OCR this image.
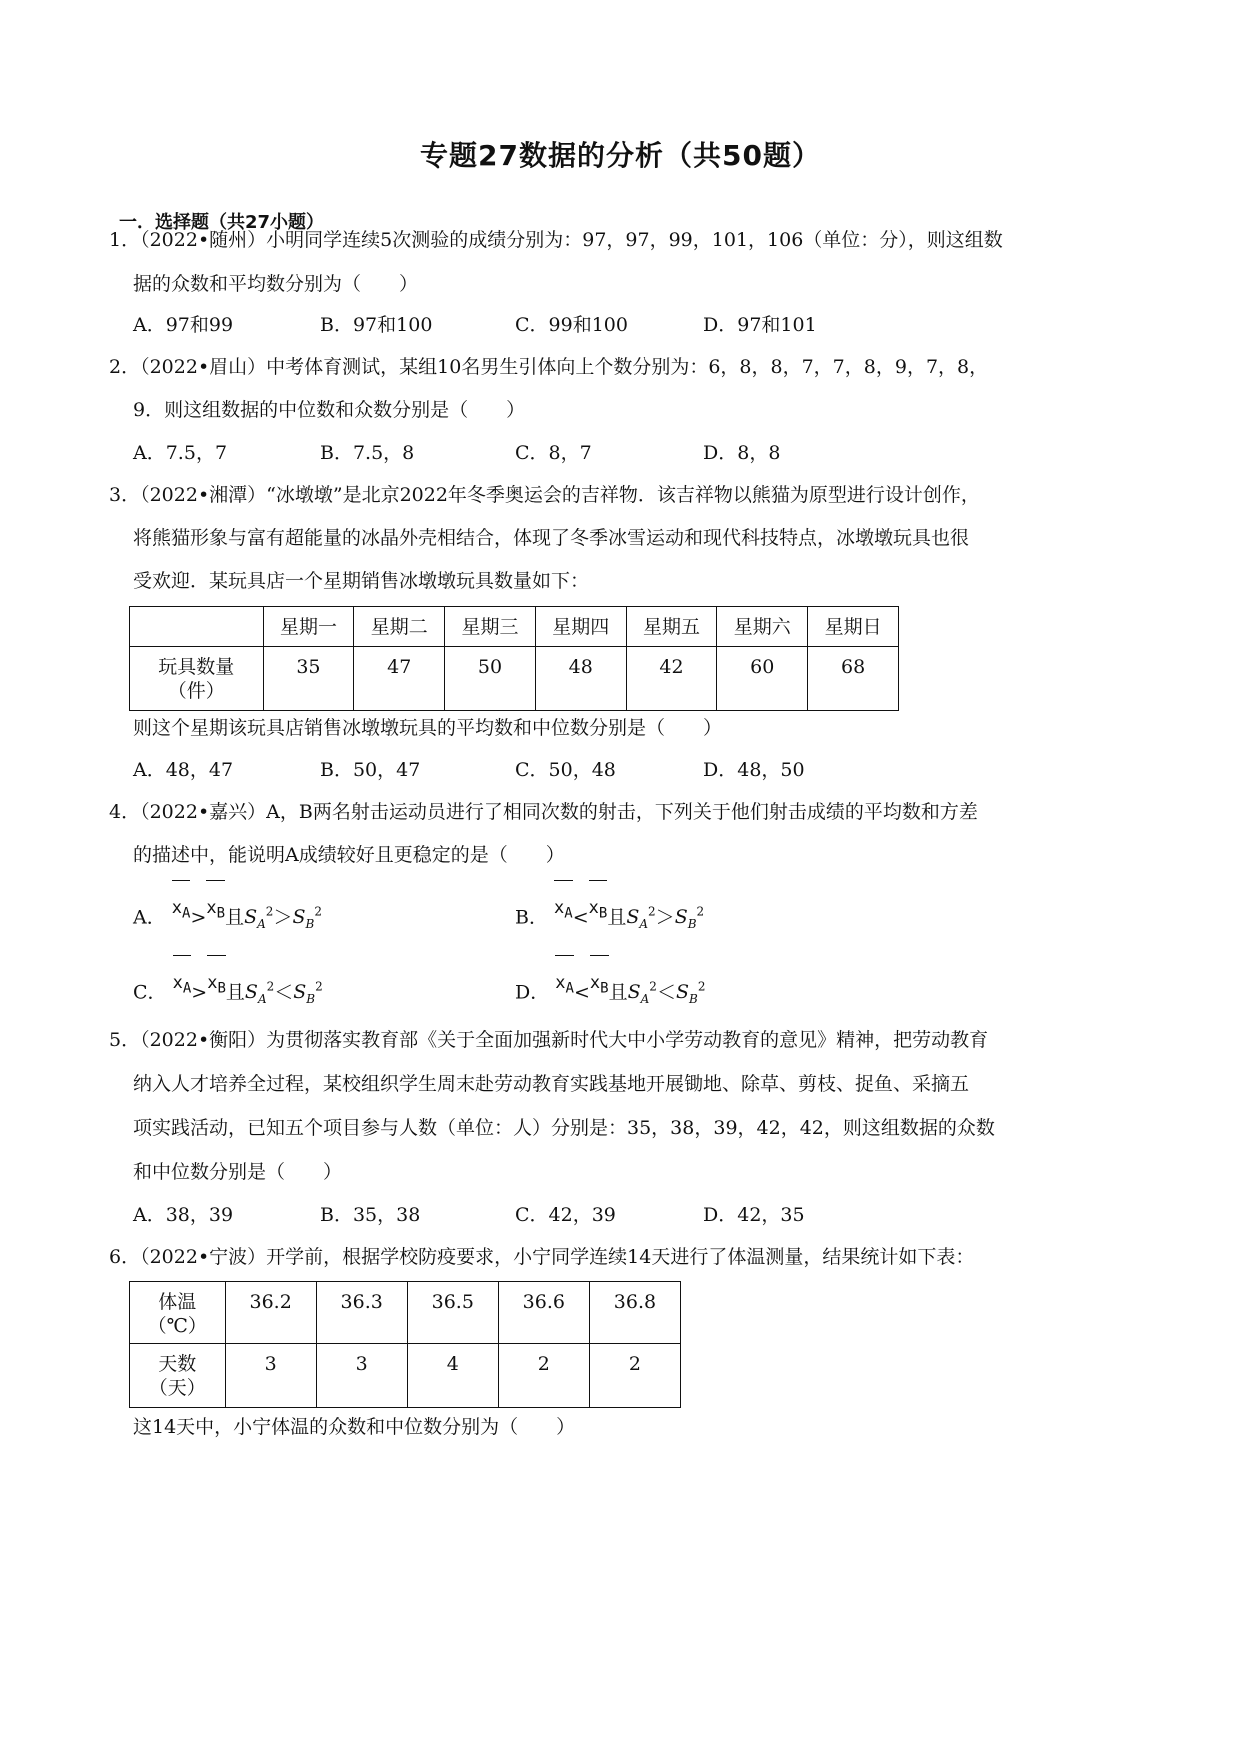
专题27数据的分析（共50题）
一．选择题（共27小题）
1．（2022•随州）小明同学连续5次测验的成绩分别为：97，97，99，101，106（单位：分），则这组数
据的众数和平均数分别为（　　）
A．97和99	B．97和100	C．99和100	D．97和101
2．（2022•眉山）中考体育测试，某组10名男生引体向上个数分别为：6，8，8，7，7，8，9，7，8，
9．则这组数据的中位数和众数分别是（　　）
A．7.5，7	B．7.5，8	C．8，7	D．8，8
3．（2022•湘潭）“冰墩墩”是北京2022年冬季奥运会的吉祥物．该吉祥物以熊猫为原型进行设计创作，
将熊猫形象与富有超能量的冰晶外壳相结合，体现了冬季冰雪运动和现代科技特点，冰墩墩玩具也很
受欢迎．某玩具店一个星期销售冰墩墩玩具数量如下：
	星期一	星期二	星期三	星期四	星期五	星期六	星期日

玩具数量
（件）	35	47	50	48	42	60	68
则这个星期该玩具店销售冰墩墩玩具的平均数和中位数分别是（　　）
A．48，47	B．50，47	C．50，48	D．48，50
4．（2022•嘉兴）A，B两名射击运动员进行了相同次数的射击，下列关于他们射击成绩的平均数和方差
的描述中，能说明A成绩较好且更稳定的是（　　）
A． $x_A>$
$x_B$且$S_A^2>S_B^2$	B． $x_A<$
$x_B$且$S_A^2>S_B^2$
C． $x_A>$
$x_B$且$S_A^2<S_B^2$	D． $x_A<$
$x_B$且$S_A^2<S_B^2$
5．（2022•衡阳）为贯彻落实教育部《关于全面加强新时代大中小学劳动教育的意见》精神，把劳动教育
纳入人才培养全过程，某校组织学生周末赴劳动教育实践基地开展锄地、除草、剪枝、捉鱼、采摘五
项实践活动，已知五个项目参与人数（单位：人）分别是：35，38，39，42，42，则这组数据的众数
和中位数分别是（　　）
A．38，39	B．35，38	C．42，39	D．42，35
6．（2022•宁波）开学前，根据学校防疫要求，小宁同学连续14天进行了体温测量，结果统计如下表：
体温
（℃）	36.2	36.3	36.5	36.6	36.8

天数
（天）	3	3	4	2	2
这14天中，小宁体温的众数和中位数分别为（　　）
